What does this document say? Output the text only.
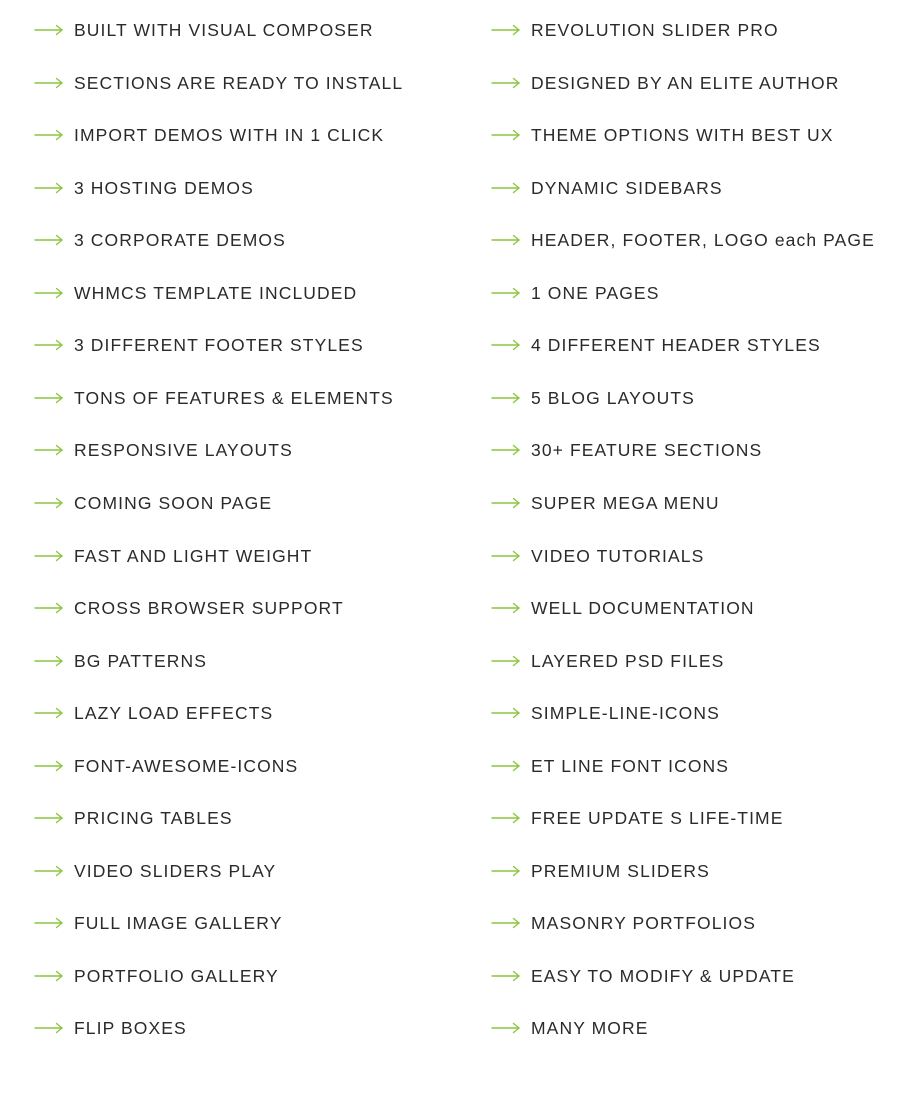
BUILT WITH VISUAL COMPOSER
SECTIONS ARE READY TO INSTALL
IMPORT DEMOS WITH IN 1 CLICK
3 HOSTING DEMOS
3 CORPORATE DEMOS
WHMCS TEMPLATE INCLUDED
3 DIFFERENT FOOTER STYLES
TONS OF FEATURES & ELEMENTS
RESPONSIVE LAYOUTS
COMING SOON PAGE
FAST AND LIGHT WEIGHT
CROSS BROWSER SUPPORT
BG PATTERNS
LAZY LOAD EFFECTS
FONT-AWESOME-ICONS
PRICING TABLES
VIDEO SLIDERS PLAY
FULL IMAGE GALLERY
PORTFOLIO GALLERY
FLIP BOXES
REVOLUTION SLIDER PRO
DESIGNED BY AN ELITE AUTHOR
THEME OPTIONS WITH BEST UX
DYNAMIC SIDEBARS
HEADER, FOOTER, LOGO each PAGE
1 ONE PAGES
4 DIFFERENT HEADER STYLES
5 BLOG LAYOUTS
30+ FEATURE SECTIONS
SUPER MEGA MENU
VIDEO TUTORIALS
WELL DOCUMENTATION
LAYERED PSD FILES
SIMPLE-LINE-ICONS
ET LINE FONT ICONS
FREE UPDATE S LIFE-TIME
PREMIUM SLIDERS
MASONRY PORTFOLIOS
EASY TO MODIFY & UPDATE
MANY MORE
